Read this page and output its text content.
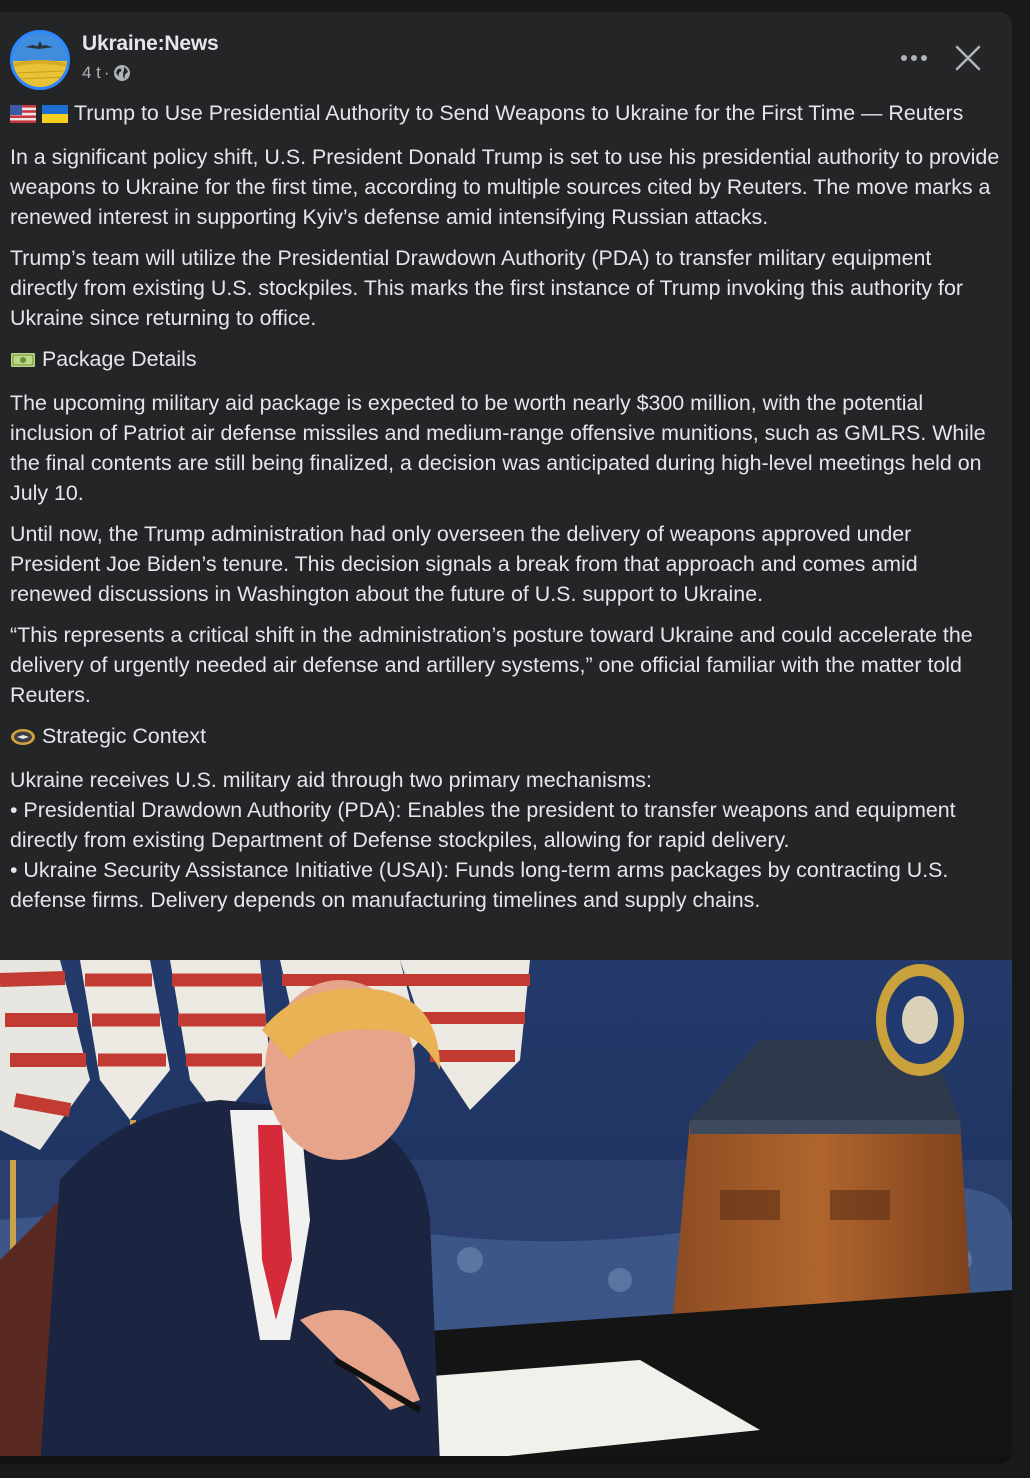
Ukraine:News
4 t ·

Trump to Use Presidential Authority to Send Weapons to Ukraine for the First Time — Reuters

In a significant policy shift, U.S. President Donald Trump is set to use his presidential authority to provide weapons to Ukraine for the first time, according to multiple sources cited by Reuters. The move marks a renewed interest in supporting Kyiv’s defense amid intensifying Russian attacks.

Trump’s team will utilize the Presidential Drawdown Authority (PDA) to transfer military equipment directly from existing U.S. stockpiles. This marks the first instance of Trump invoking this authority for Ukraine since returning to office.

Package Details

The upcoming military aid package is expected to be worth nearly $300 million, with the potential inclusion of Patriot air defense missiles and medium-range offensive munitions, such as GMLRS. While the final contents are still being finalized, a decision was anticipated during high-level meetings held on July 10.

Until now, the Trump administration had only overseen the delivery of weapons approved under President Joe Biden’s tenure. This decision signals a break from that approach and comes amid renewed discussions in Washington about the future of U.S. support to Ukraine.

“This represents a critical shift in the administration’s posture toward Ukraine and could accelerate the delivery of urgently needed air defense and artillery systems,” one official familiar with the matter told Reuters.

Strategic Context

Ukraine receives U.S. military aid through two primary mechanisms:
• Presidential Drawdown Authority (PDA): Enables the president to transfer weapons and equipment directly from existing Department of Defense stockpiles, allowing for rapid delivery.
• Ukraine Security Assistance Initiative (USAI): Funds long-term arms packages by contracting U.S. defense firms. Delivery depends on manufacturing timelines and supply chains.
